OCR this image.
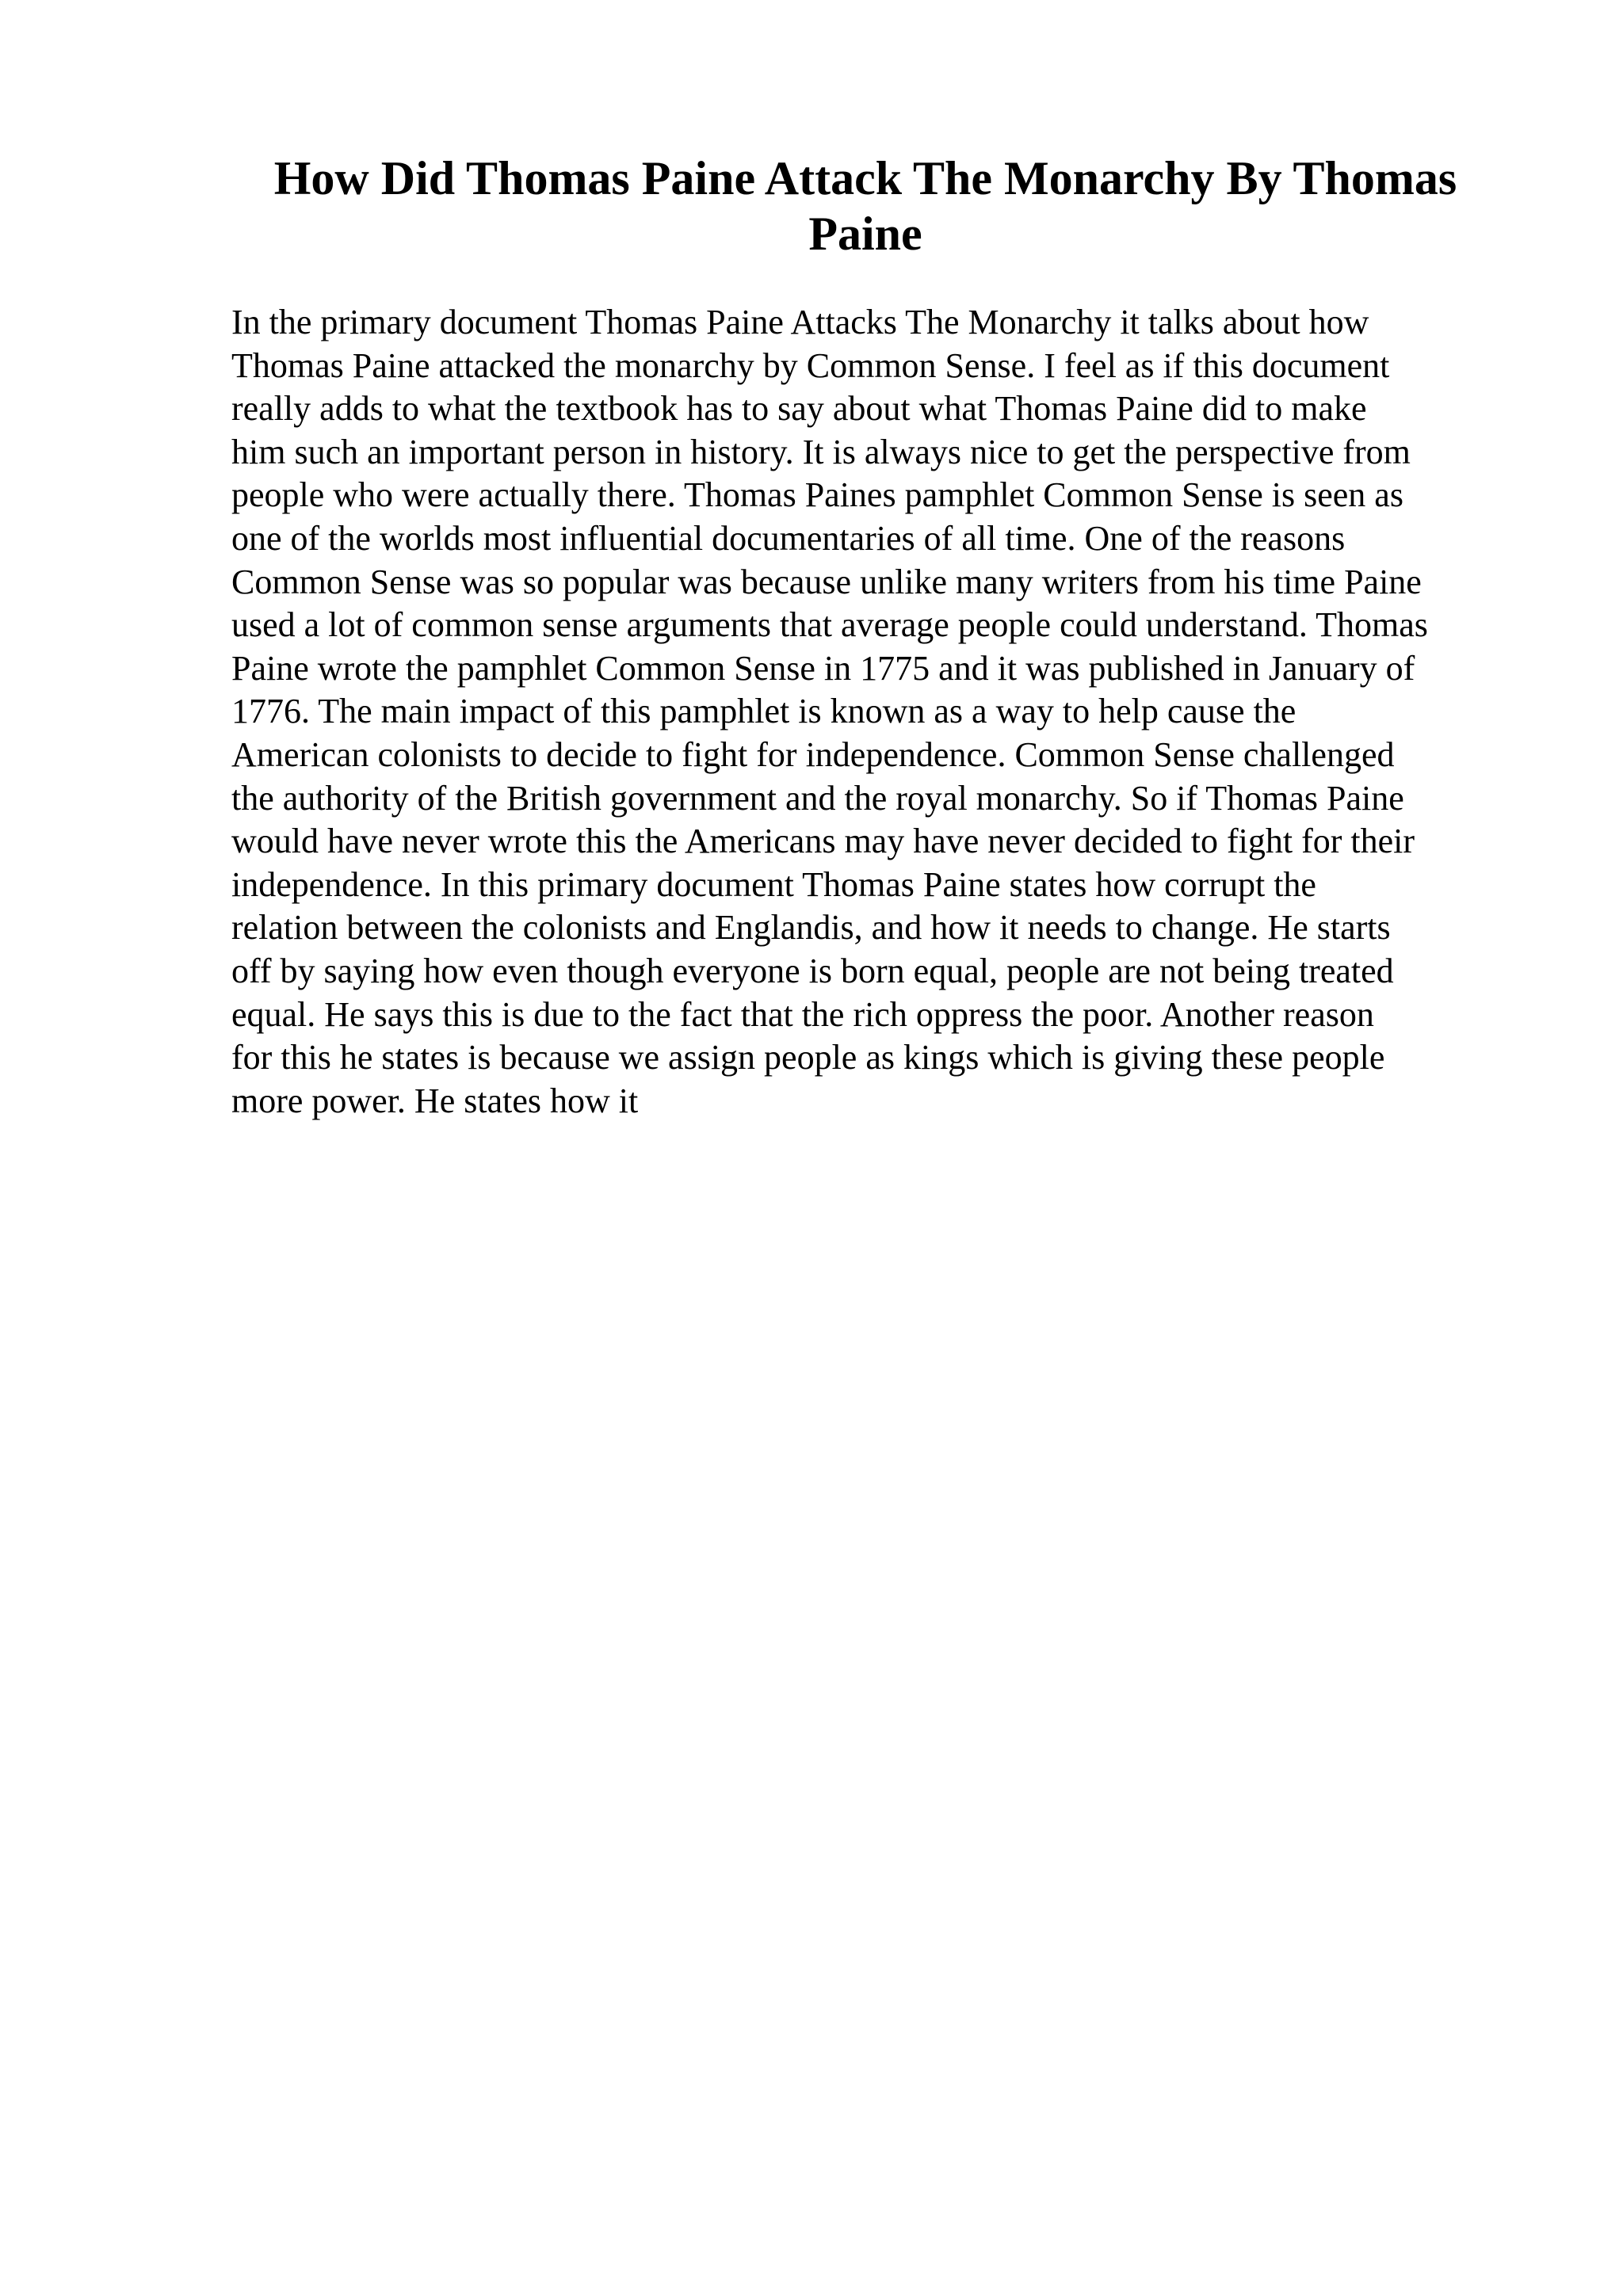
How Did Thomas Paine Attack The Monarchy By Thomas
Paine
In the primary document Thomas Paine Attacks The Monarchy it talks about how
Thomas Paine attacked the monarchy by Common Sense. I feel as if this document
really adds to what the textbook has to say about what Thomas Paine did to make
him such an important person in history. It is always nice to get the perspective from
people who were actually there. Thomas Paines pamphlet Common Sense is seen as
one of the worlds most influential documentaries of all time. One of the reasons
Common Sense was so popular was because unlike many writers from his time Paine
used a lot of common sense arguments that average people could understand. Thomas
Paine wrote the pamphlet Common Sense in 1775 and it was published in January of
1776. The main impact of this pamphlet is known as a way to help cause the
American colonists to decide to fight for independence. Common Sense challenged
the authority of the British government and the royal monarchy. So if Thomas Paine
would have never wrote this the Americans may have never decided to fight for their
independence. In this primary document Thomas Paine states how corrupt the
relation between the colonists and Englandis, and how it needs to change. He starts
off by saying how even though everyone is born equal, people are not being treated
equal. He says this is due to the fact that the rich oppress the poor. Another reason
for this he states is because we assign people as kings which is giving these people
more power. He states how it
